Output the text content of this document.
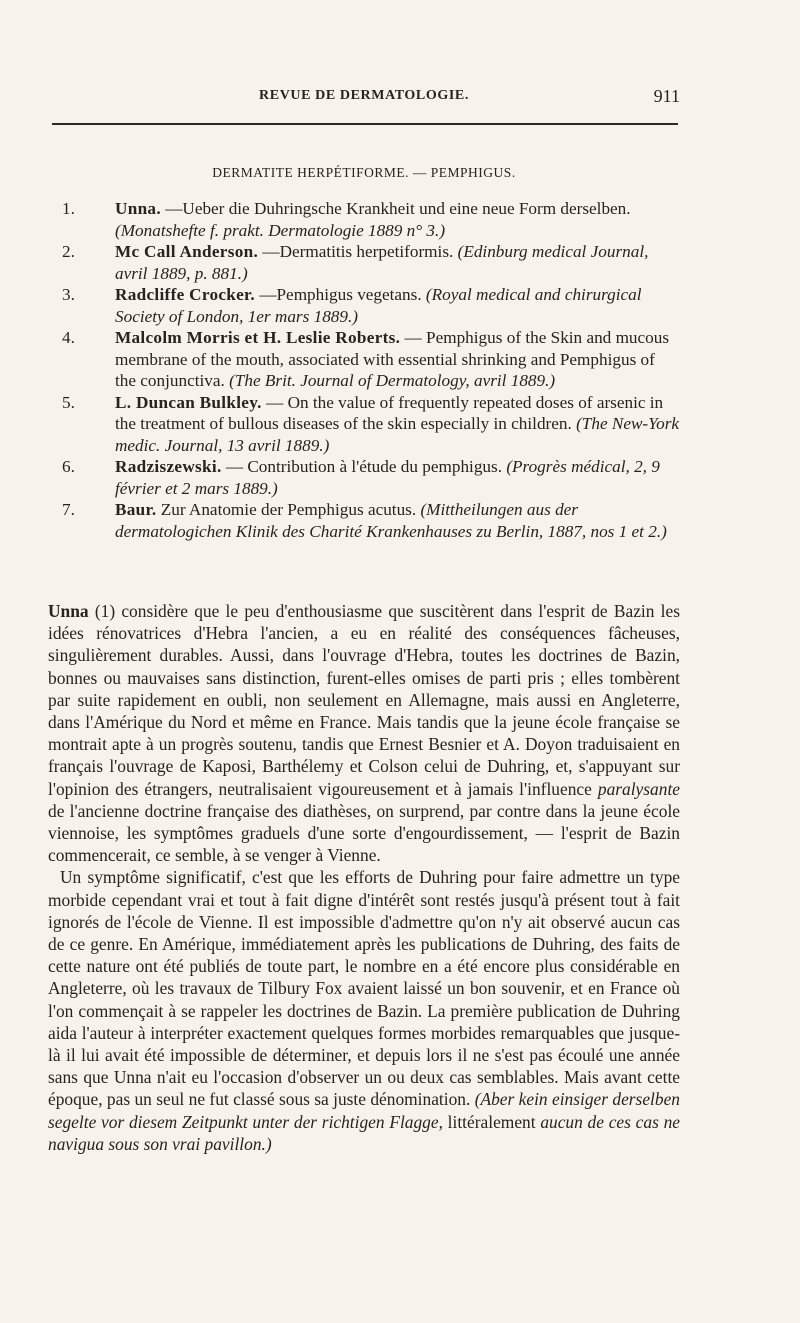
REVUE DE DERMATOLOGIE.	911
DERMATITE HERPÉTIFORME. — PEMPHIGUS.

1. Unna. —Ueber die Duhringsche Krankheit und eine neue Form derselben. (Monatshefte f. prakt. Dermatologie 1889 n° 3.)

2. Mc Call Anderson. —Dermatitis herpetiformis. (Edinburg medical Journal, avril 1889, p. 881.)

3. Radcliffe Crocker. —Pemphigus vegetans. (Royal medical and chirurgical Society of London, 1er mars 1889.)

4. Malcolm Morris et H. Leslie Roberts. — Pemphigus of the Skin and mucous membrane of the mouth, associated with essential shrinking and Pemphigus of the conjunctiva. (The Brit. Journal of Dermatology, avril 1889.)

5. L. Duncan Bulkley. — On the value of frequently repeated doses of arsenic in the treatment of bullous diseases of the skin especially in children. (The New-York medic. Journal, 13 avril 1889.)

6. Radziszewski. — Contribution à l'étude du pemphigus. (Progrès médical, 2, 9 février et 2 mars 1889.)

7. Baur. Zur Anatomie der Pemphigus acutus. (Mittheilungen aus der dermatologichen Klinik des Charité Krankenhauses zu Berlin, 1887, nos 1 et 2.)

Unna (1) considère que le peu d'enthousiasme que suscitèrent dans l'esprit de Bazin les idées rénovatrices d'Hebra l'ancien, a eu en réalité des conséquences fâcheuses, singulièrement durables. Aussi, dans l'ouvrage d'Hebra, toutes les doctrines de Bazin, bonnes ou mauvaises sans distinction, furent-elles omises de parti pris ; elles tombèrent par suite rapidement en oubli, non seulement en Allemagne, mais aussi en Angleterre, dans l'Amérique du Nord et même en France. Mais tandis que la jeune école française se montrait apte à un progrès soutenu, tandis que Ernest Besnier et A. Doyon traduisaient en français l'ouvrage de Kaposi, Barthélemy et Colson celui de Duhring, et, s'appuyant sur l'opinion des étrangers, neutralisaient vigoureusement et à jamais l'influence paralysante de l'ancienne doctrine française des diathèses, on surprend, par contre dans la jeune école viennoise, les symptômes graduels d'une sorte d'engourdissement, — l'esprit de Bazin commencerait, ce semble, à se venger à Vienne.

Un symptôme significatif, c'est que les efforts de Duhring pour faire admettre un type morbide cependant vrai et tout à fait digne d'intérêt sont restés jusqu'à présent tout à fait ignorés de l'école de Vienne. Il est impossible d'admettre qu'on n'y ait observé aucun cas de ce genre. En Amérique, immédiatement après les publications de Duhring, des faits de cette nature ont été publiés de toute part, le nombre en a été encore plus considérable en Angleterre, où les travaux de Tilbury Fox avaient laissé un bon souvenir, et en France où l'on commençait à se rappeler les doctrines de Bazin. La première publication de Duhring aida l'auteur à interpréter exactement quelques formes morbides remarquables que jusque-là il lui avait été impossible de déterminer, et depuis lors il ne s'est pas écoulé une année sans que Unna n'ait eu l'occasion d'observer un ou deux cas semblables. Mais avant cette époque, pas un seul ne fut classé sous sa juste dénomination. (Aber kein einsiger derselben segelte vor diesem Zeitpunkt unter der richtigen Flagge, littéralement aucun de ces cas ne navigua sous son vrai pavillon.)
